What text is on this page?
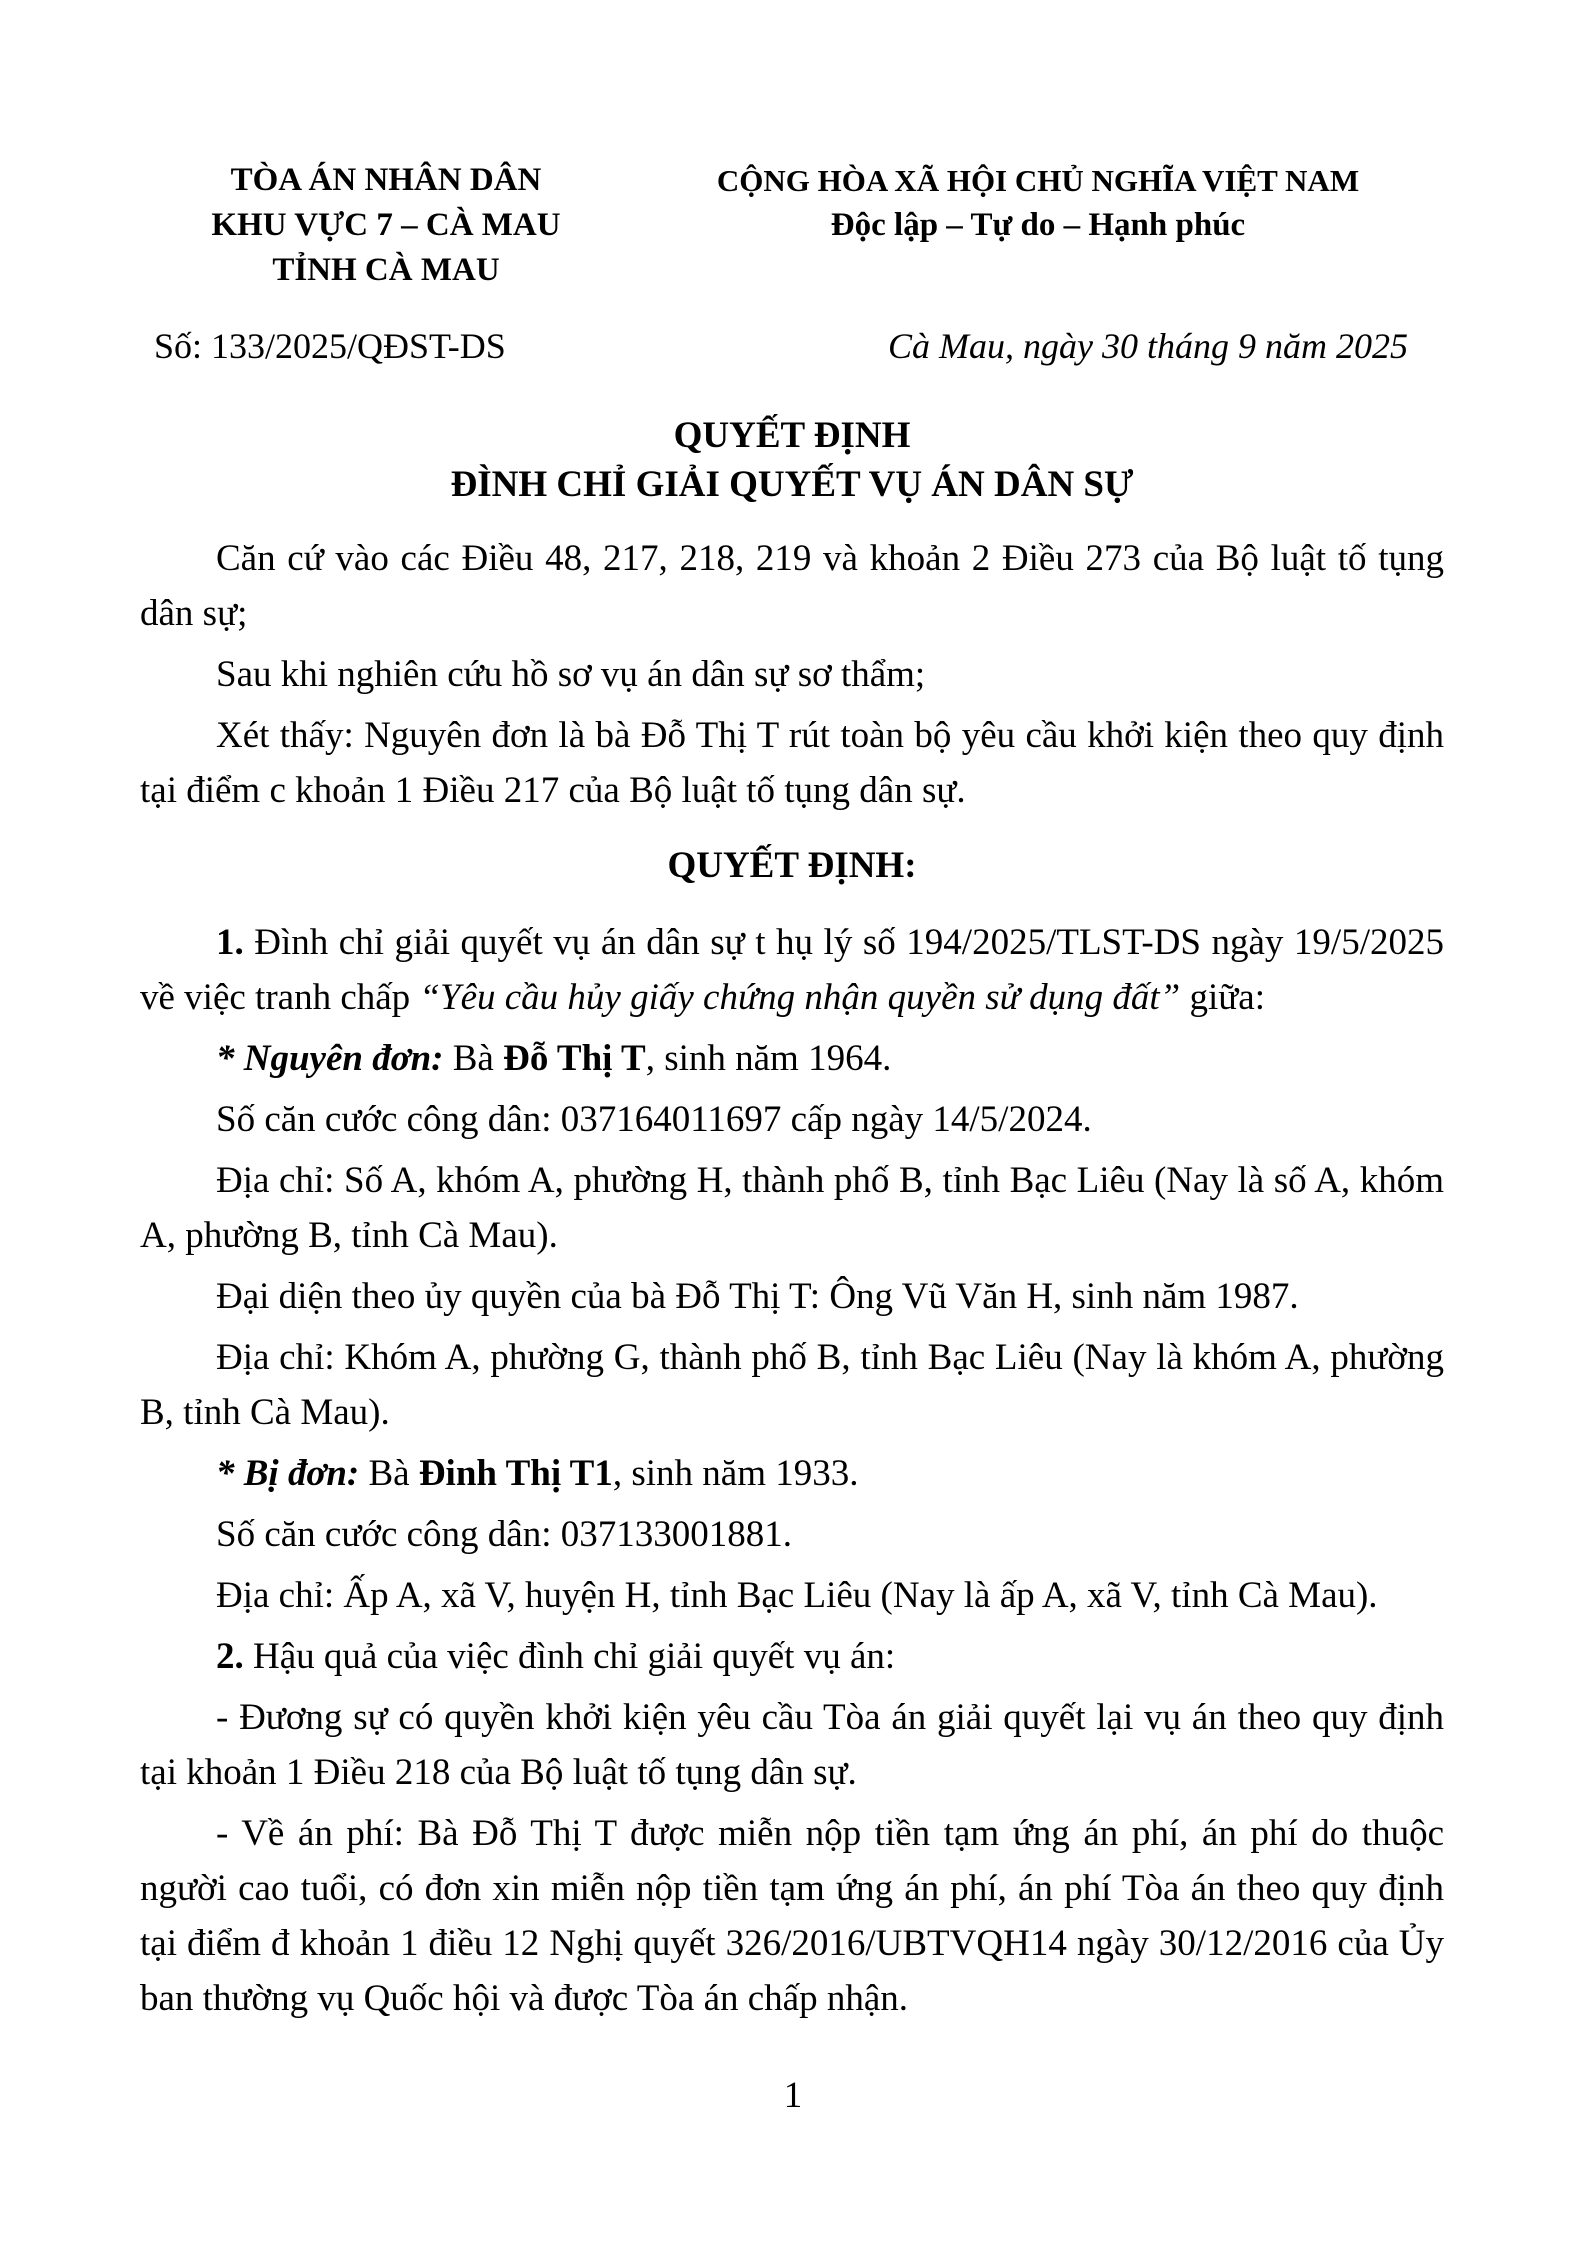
TÒA ÁN NHÂN DÂN
KHU VỰC 7 – CÀ MAU
TỈNH CÀ MAU
Số: 133/2025/QĐST-DS
CỘNG HÒA XÃ HỘI CHỦ NGHĨA VIỆT NAM
Độc lập – Tự do – Hạnh phúc
Cà Mau, ngày 30 tháng 9 năm 2025
QUYẾT ĐỊNH
ĐÌNH CHỈ GIẢI QUYẾT VỤ ÁN DÂN SỰ

Căn cứ vào các Điều 48, 217, 218, 219 và khoản 2 Điều 273 của Bộ luật tố tụng dân sự;

Sau khi nghiên cứu hồ sơ vụ án dân sự sơ thẩm;

Xét thấy: Nguyên đơn là bà Đỗ Thị T rút toàn bộ yêu cầu khởi kiện theo quy định tại điểm c khoản 1 Điều 217 của Bộ luật tố tụng dân sự.

QUYẾT ĐỊNH:

1. Đình chỉ giải quyết vụ án dân sự t hụ lý số 194/2025/TLST-DS ngày 19/5/2025 về việc tranh chấp “Yêu cầu hủy giấy chứng nhận quyền sử dụng đất” giữa:

* Nguyên đơn: Bà Đỗ Thị T, sinh năm 1964.

Số căn cước công dân: 037164011697 cấp ngày 14/5/2024.

Địa chỉ: Số A, khóm A, phường H, thành phố B, tỉnh Bạc Liêu (Nay là số A, khóm A, phường B, tỉnh Cà Mau).

Đại diện theo ủy quyền của bà Đỗ Thị T: Ông Vũ Văn H, sinh năm 1987.

Địa chỉ: Khóm A, phường G, thành phố B, tỉnh Bạc Liêu (Nay là khóm A, phường B, tỉnh Cà Mau).

* Bị đơn: Bà Đinh Thị T1, sinh năm 1933.

Số căn cước công dân: 037133001881.

Địa chỉ: Ấp A, xã V, huyện H, tỉnh Bạc Liêu (Nay là ấp A, xã V, tỉnh Cà Mau).

2. Hậu quả của việc đình chỉ giải quyết vụ án:

- Đương sự có quyền khởi kiện yêu cầu Tòa án giải quyết lại vụ án theo quy định tại khoản 1 Điều 218 của Bộ luật tố tụng dân sự.

- Về án phí: Bà Đỗ Thị T được miễn nộp tiền tạm ứng án phí, án phí do thuộc người cao tuổi, có đơn xin miễn nộp tiền tạm ứng án phí, án phí Tòa án theo quy định tại điểm đ khoản 1 điều 12 Nghị quyết 326/2016/UBTVQH14 ngày 30/12/2016 của Ủy ban thường vụ Quốc hội và được Tòa án chấp nhận.

1
